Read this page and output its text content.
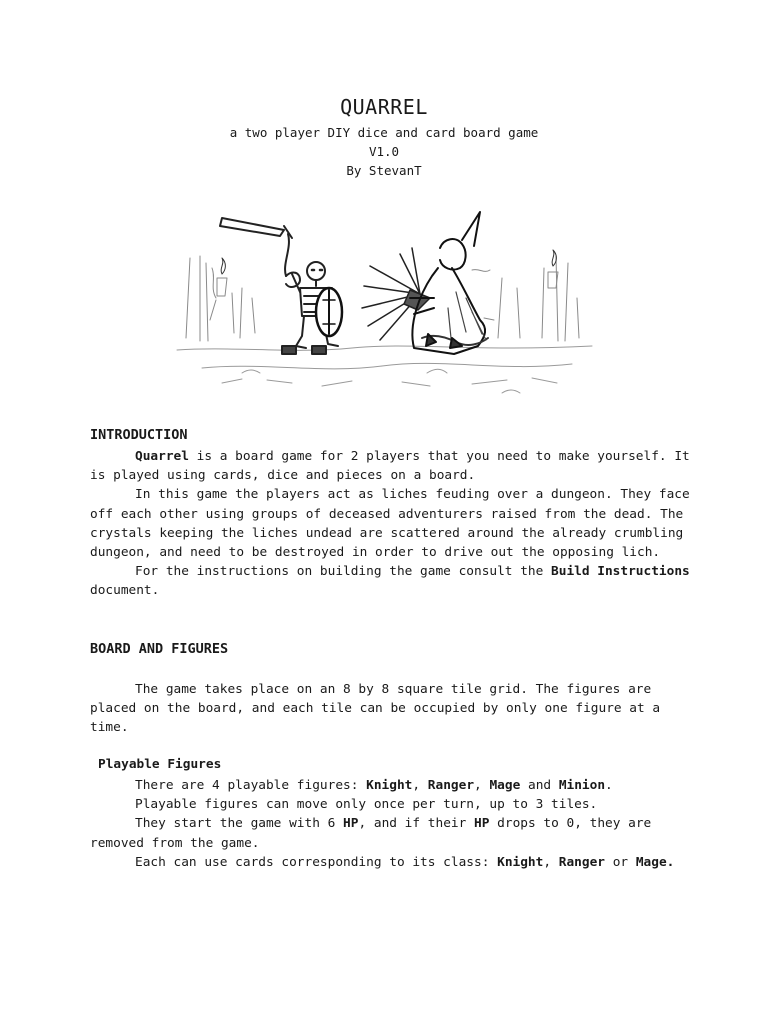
QUARREL
a two player DIY dice and card board game
V1.0
By StevanT
INTRODUCTION

Quarrel is a board game for 2 players that you need to make yourself. It is played using cards, dice and pieces on a board.

In this game the players act as liches feuding over a dungeon. They face off each other using groups of deceased adventurers raised from the dead. The crystals keeping the liches undead are scattered around the already crumbling dungeon, and need to be destroyed in order to drive out the opposing lich.

For the instructions on building the game consult the Build Instructions document.

BOARD AND FIGURES

The game takes place on an 8 by 8 square tile grid. The figures are placed on the board, and each tile can be occupied by only one figure at a time.

Playable Figures

There are 4 playable figures: Knight, Ranger, Mage and Minion.

Playable figures can move only once per turn, up to 3 tiles.

They start the game with 6 HP, and if their HP drops to 0, they are removed from the game.

Each can use cards corresponding to its class: Knight, Ranger or Mage.
